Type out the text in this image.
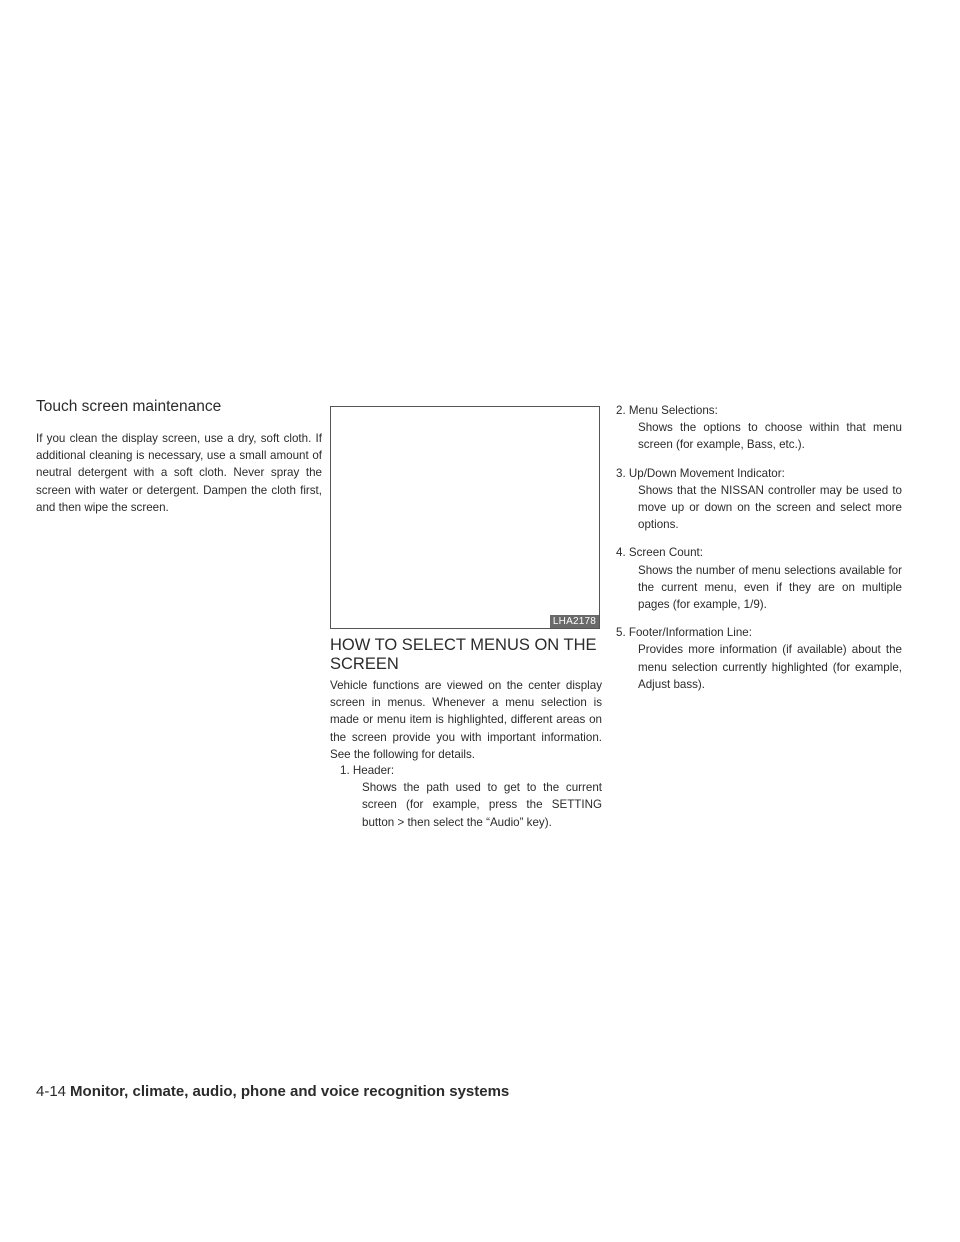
Touch screen maintenance

If you clean the display screen, use a dry, soft cloth. If additional cleaning is necessary, use a small amount of neutral detergent with a soft cloth. Never spray the screen with water or detergent. Dampen the cloth first, and then wipe the screen.

LHA2178
HOW TO SELECT MENUS ON THE SCREEN

Vehicle functions are viewed on the center display screen in menus. Whenever a menu selection is made or menu item is highlighted, different areas on the screen provide you with important information. See the following for details.

1. Header:

Shows the path used to get to the current screen (for example, press the SETTING button > then select the “Audio” key).

2. Menu Selections:

Shows the options to choose within that menu screen (for example, Bass, etc.).

3. Up/Down Movement Indicator:

Shows that the NISSAN controller may be used to move up or down on the screen and select more options.

4. Screen Count:

Shows the number of menu selections available for the current menu, even if they are on multiple pages (for example, 1/9).

5. Footer/Information Line:

Provides more information (if available) about the menu selection currently highlighted (for example, Adjust bass).

4-14 Monitor, climate, audio, phone and voice recognition systems
